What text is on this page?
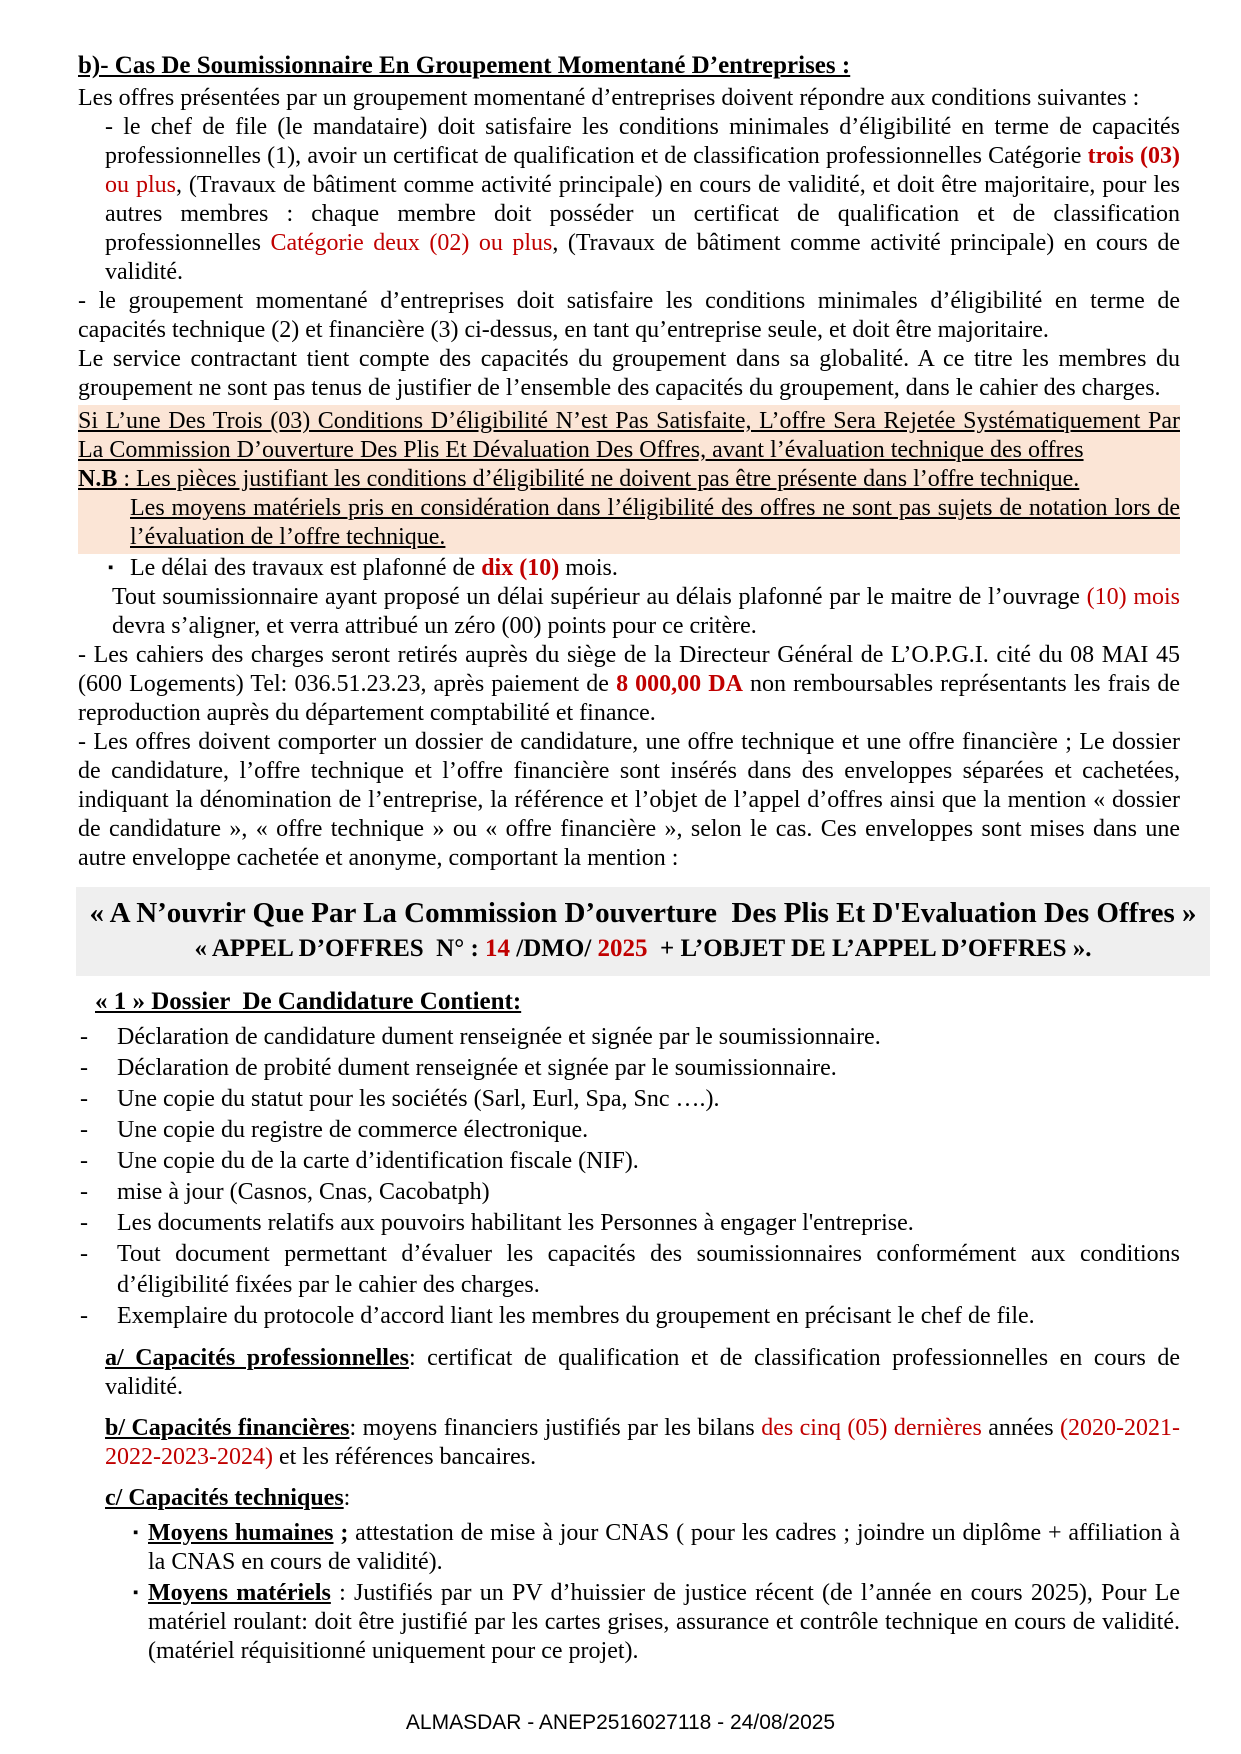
b)- Cas De Soumissionnaire En Groupement Momentané D’entreprises :

Les offres présentées par un groupement momentané d’entreprises doivent répondre aux conditions suivantes :

- le chef de file (le mandataire) doit satisfaire les conditions minimales d’éligibilité en terme de capacités professionnelles (1), avoir un certificat de qualification et de classification professionnelles Catégorie trois (03) ou plus, (Travaux de bâtiment comme activité principale) en cours de validité, et doit être majoritaire, pour les autres membres : chaque membre doit posséder un certificat de qualification et de classification professionnelles Catégorie deux (02) ou plus, (Travaux de bâtiment comme activité principale) en cours de validité.

- le groupement momentané d’entreprises doit satisfaire les conditions minimales d’éligibilité en terme de capacités technique (2) et financière (3) ci-dessus, en tant qu’entreprise seule, et doit être majoritaire.

Le service contractant tient compte des capacités du groupement dans sa globalité. A ce titre les membres du groupement ne sont pas tenus de justifier de l’ensemble des capacités du groupement, dans le cahier des charges.

Si L’une Des Trois (03) Conditions D’éligibilité N’est Pas Satisfaite, L’offre Sera Rejetée Systématiquement Par La Commission D’ouverture Des Plis Et Dévaluation Des Offres, avant l’évaluation technique des offres

N.B : Les pièces justifiant les conditions d’éligibilité ne doivent pas être présente dans l’offre technique.

Les moyens matériels pris en considération dans l’éligibilité des offres ne sont pas sujets de notation lors de l’évaluation de l’offre technique.

▪ Le délai des travaux est plafonné de dix (10) mois.

Tout soumissionnaire ayant proposé un délai supérieur au délais plafonné par le maitre de l’ouvrage (10) mois devra s’aligner, et verra attribué un zéro (00) points pour ce critère.

- Les cahiers des charges seront retirés auprès du siège de la Directeur Général de L’O.P.G.I. cité du 08 MAI 45 (600 Logements) Tel: 036.51.23.23, après paiement de 8 000,00 DA non remboursables représentants les frais de reproduction auprès du département comptabilité et finance.

- Les offres doivent comporter un dossier de candidature, une offre technique et une offre financière ; Le dossier de candidature, l’offre technique et l’offre financière sont insérés dans des enveloppes séparées et cachetées, indiquant la dénomination de l’entreprise, la référence et l’objet de l’appel d’offres ainsi que la mention « dossier de candidature », « offre technique » ou « offre financière », selon le cas. Ces enveloppes sont mises dans une autre enveloppe cachetée et anonyme, comportant la mention :

« A N’ouvrir Que Par La Commission D’ouverture  Des Plis Et D'Evaluation Des Offres »
« APPEL D’OFFRES  N° : 14 /DMO/ 2025  + L’OBJET DE L’APPEL D’OFFRES ».
« 1 » Dossier  De Candidature Contient:
- Déclaration de candidature dument renseignée et signée par le soumissionnaire.
- Déclaration de probité dument renseignée et signée par le soumissionnaire.
- Une copie du statut pour les sociétés (Sarl, Eurl, Spa, Snc ….).
- Une copie du registre de commerce électronique.
- Une copie du de la carte d’identification fiscale (NIF).
- mise à jour (Casnos, Cnas, Cacobatph)
- Les documents relatifs aux pouvoirs habilitant les Personnes à engager l'entreprise.
- Tout document permettant d’évaluer les capacités des soumissionnaires conformément aux conditions d’éligibilité fixées par le cahier des charges.
- Exemplaire du protocole d’accord liant les membres du groupement en précisant le chef de file.

a/ Capacités professionnelles: certificat de qualification et de classification professionnelles en cours de validité.

b/ Capacités financières: moyens financiers justifiés par les bilans des cinq (05) dernières années (2020-2021-2022-2023-2024) et les références bancaires.

c/ Capacités techniques:

▪ Moyens humaines ; attestation de mise à jour CNAS ( pour les cadres ; joindre un diplôme + affiliation à la CNAS en cours de validité).
▪ Moyens matériels : Justifiés par un PV d’huissier de justice récent (de l’année en cours 2025), Pour Le matériel roulant: doit être justifié par les cartes grises, assurance et contrôle technique en cours de validité. (matériel réquisitionné uniquement pour ce projet).
ALMASDAR - ANEP2516027118 - 24/08/2025
